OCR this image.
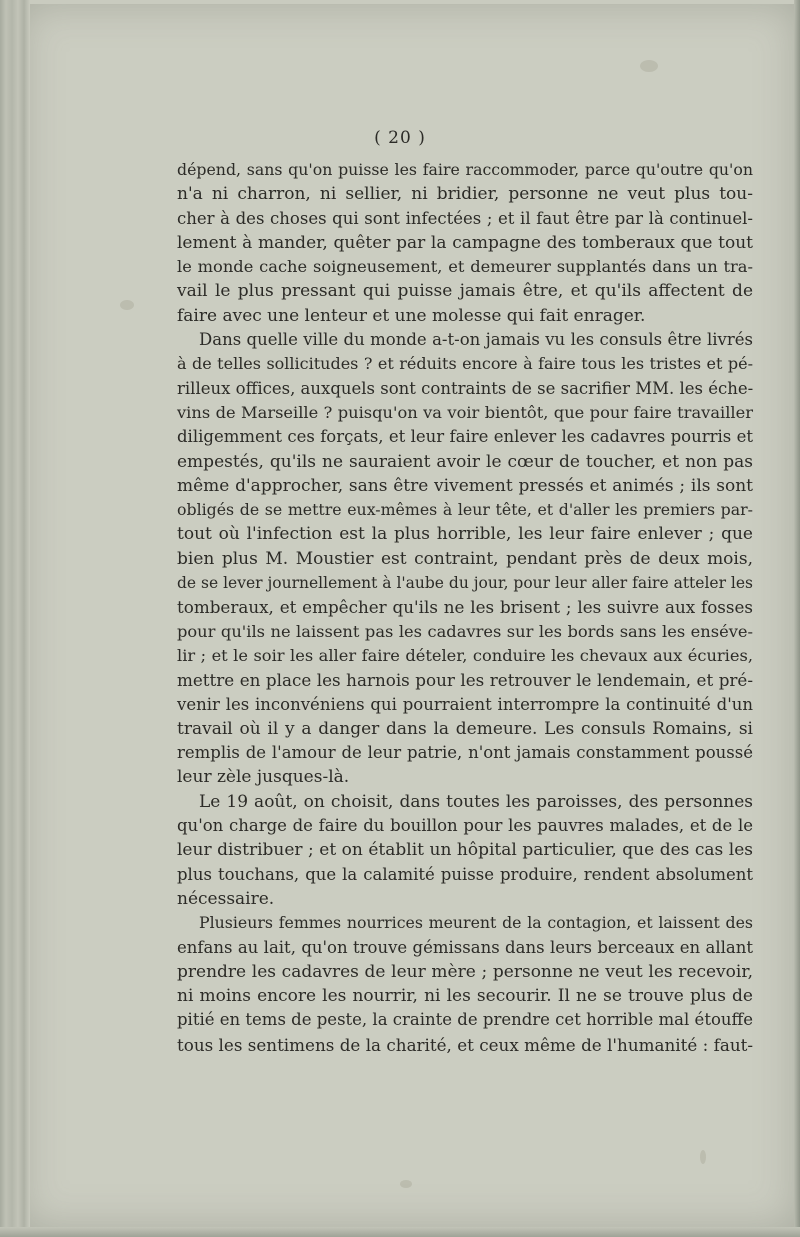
( 20 )
dépend, sans qu'on puisse les faire raccommoder, parce qu'outre qu'on
n'a ni charron, ni sellier, ni bridier, personne ne veut plus tou-
cher à des choses qui sont infectées ; et il faut être par là continuel-
lement à mander, quêter par la campagne des tomberaux que tout
le monde cache soigneusement, et demeurer supplantés dans un tra-
vail le plus pressant qui puisse jamais être, et qu'ils affectent de
faire avec une lenteur et une molesse qui fait enrager.
Dans quelle ville du monde a-t-on jamais vu les consuls être livrés
à de telles sollicitudes ? et réduits encore à faire tous les tristes et pé-
rilleux offices, auxquels sont contraints de se sacrifier MM. les éche-
vins de Marseille ? puisqu'on va voir bientôt, que pour faire travailler
diligemment ces forçats, et leur faire enlever les cadavres pourris et
empestés, qu'ils ne sauraient avoir le cœur de toucher, et non pas
même d'approcher, sans être vivement pressés et animés ; ils sont
obligés de se mettre eux-mêmes à leur tête, et d'aller les premiers par-
tout où l'infection est la plus horrible, les leur faire enlever ; que
bien plus M. Moustier est contraint, pendant près de deux mois,
de se lever journellement à l'aube du jour, pour leur aller faire atteler les
tomberaux, et empêcher qu'ils ne les brisent ; les suivre aux fosses
pour qu'ils ne laissent pas les cadavres sur les bords sans les enséve-
lir ; et le soir les aller faire dételer, conduire les chevaux aux écuries,
mettre en place les harnois pour les retrouver le lendemain, et pré-
venir les inconvéniens qui pourraient interrompre la continuité d'un
travail où il y a danger dans la demeure. Les consuls Romains, si
remplis de l'amour de leur patrie, n'ont jamais constamment poussé
leur zèle jusques-là.
Le 19 août, on choisit, dans toutes les paroisses, des personnes
qu'on charge de faire du bouillon pour les pauvres malades, et de le
leur distribuer ; et on établit un hôpital particulier, que des cas les
plus touchans, que la calamité puisse produire, rendent absolument
nécessaire.
Plusieurs femmes nourrices meurent de la contagion, et laissent des
enfans au lait, qu'on trouve gémissans dans leurs berceaux en allant
prendre les cadavres de leur mère ; personne ne veut les recevoir,
ni moins encore les nourrir, ni les secourir. Il ne se trouve plus de
pitié en tems de peste, la crainte de prendre cet horrible mal étouffe
tous les sentimens de la charité, et ceux même de l'humanité : faut-
